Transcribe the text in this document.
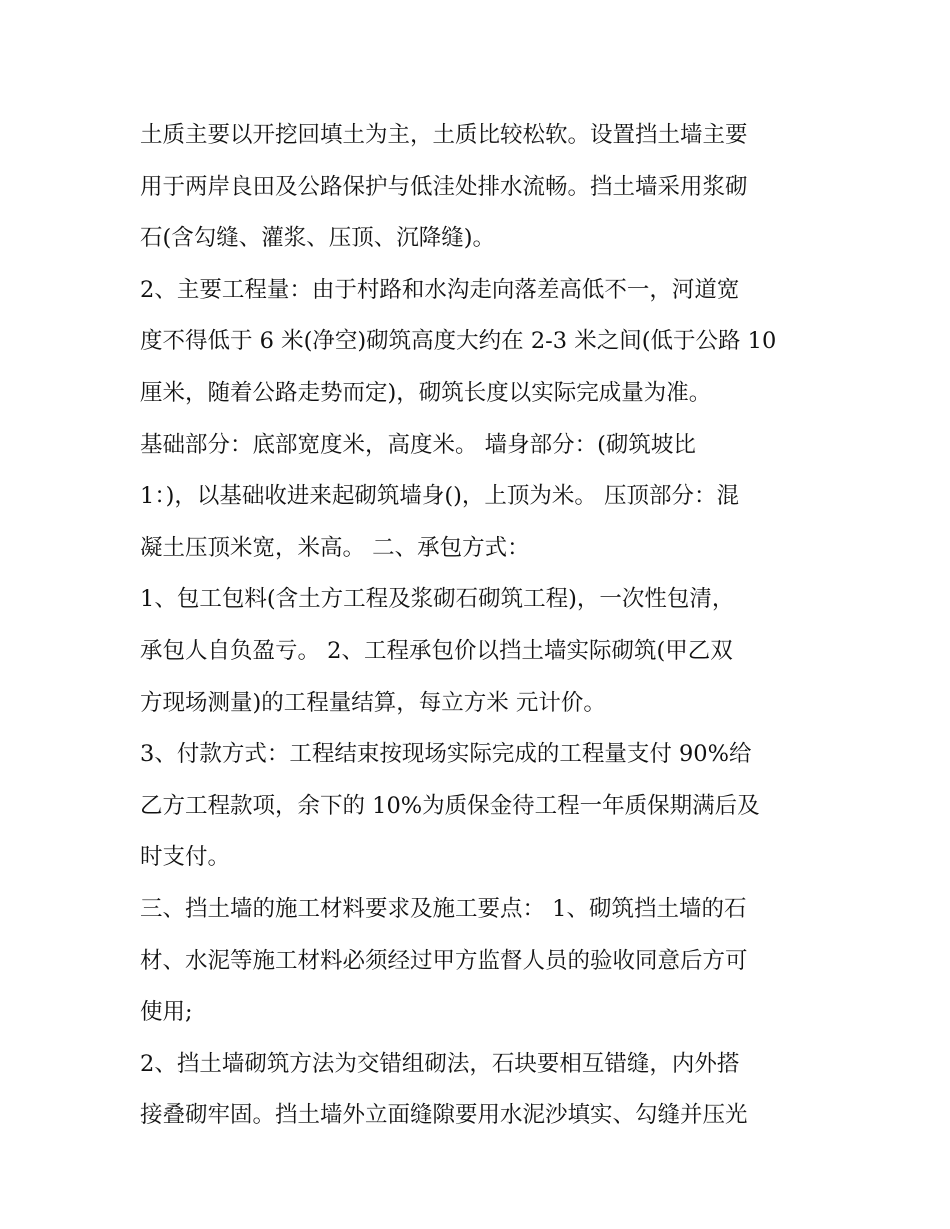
土质主要以开挖回填土为主，土质比较松软。设置挡土墙主要
用于两岸良田及公路保护与低洼处排水流畅。挡土墙采用浆砌
石(含勾缝、灌浆、压顶、沉降缝)。
2、主要工程量：由于村路和水沟走向落差高低不一，河道宽
度不得低于 6 米(净空)砌筑高度大约在 2-3 米之间(低于公路 10
厘米，随着公路走势而定)，砌筑长度以实际完成量为准。
基础部分：底部宽度米，高度米。 墙身部分：(砌筑坡比
1：)，以基础收进来起砌筑墙身()，上顶为米。 压顶部分：混
凝土压顶米宽，米高。 二、承包方式：
1、包工包料(含土方工程及浆砌石砌筑工程)，一次性包清，
承包人自负盈亏。 2、工程承包价以挡土墙实际砌筑(甲乙双
方现场测量)的工程量结算，每立方米 元计价。
3、付款方式：工程结束按现场实际完成的工程量支付 90%给
乙方工程款项，余下的 10%为质保金待工程一年质保期满后及
时支付。
三、挡土墙的施工材料要求及施工要点： 1、砌筑挡土墙的石
材、水泥等施工材料必须经过甲方监督人员的验收同意后方可
使用;
2、挡土墙砌筑方法为交错组砌法，石块要相互错缝，内外搭
接叠砌牢固。挡土墙外立面缝隙要用水泥沙填实、勾缝并压光
